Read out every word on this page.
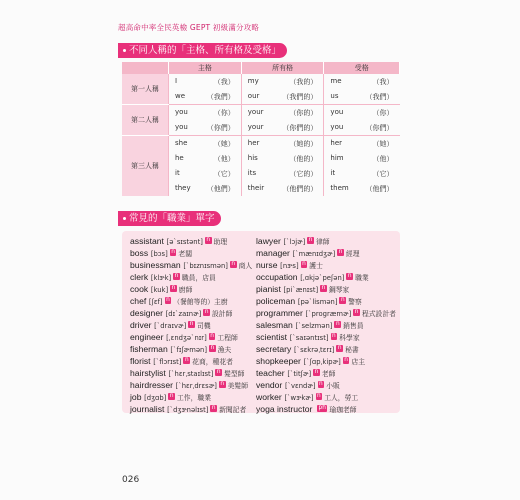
超高命中率全民英檢 GEPT 初級滿分攻略
不同人稱的「主格、所有格及受格」
	主格	所有格	受格
第一人稱	I （我）	my （我的）	me （我）

	we （我們）	our （我們的）	us （我們）

第二人稱	you （你）	your （你的）	you （你）

	you （你們）	your （你們的）	you （你們）

第三人稱	she （她）	her （她的）	her （她）

	he （他）	his （他的）	him （他）

	it （它）	its （它的）	it （它）

	they （他們）	their （他們的）	them （他們）
常見的「職業」單字
assistant [əˋsɪstənt] n 助理
boss [bɔs] n 老闆
businessman [ˋbɪznɪsmən] n 商人
clerk [klɝk] n 職員，店員
cook [kuk] n 廚師
chef [ʃɛf] n （餐館等的）主廚
designer [dɪˋzaɪnɚ] n 設計師
driver [ˋdraɪvɚ] n 司機
engineer [ˌɛndʒəˋnɪr] n 工程師
fisherman [ˋfɪʃɚmən] n 漁夫
florist [ˋflɔrɪst] n 花商，種花者
hairstylist [ˋhɛrˌstaɪlɪst] n 髮型師
hairdresser [ˋhɛrˌdrɛsɚ] n 美髮師
job [dʒɑb] n 工作，職業
journalist [ˋdʒɝnəlɪst] n 新聞記者
lawyer [ˋlɔjɚ] n 律師
manager [ˋmænɪdʒɚ] n 經理
nurse [nɝs] n 護士
occupation [ˌɑkjəˋpeʃən] n 職業
pianist [piˋænɪst] n 鋼琴家
policeman [pəˋlismən] n 警察
programmer [ˋprogræmɚ] n 程式設計者
salesman [ˋselzmən] n 銷售員
scientist [ˋsaɪəntɪst] n 科學家
secretary [ˋsɛkrəˌtɛrɪ] n 秘書
shopkeeper [ˋʃɑpˌkipɚ] n 店主
teacher [ˋtitʃɚ] n 老師
vendor [ˋvɛndɚ] n 小販
worker [ˋwɝkɚ] n 工人，勞工
yoga instructor ph 瑜珈老師
026
